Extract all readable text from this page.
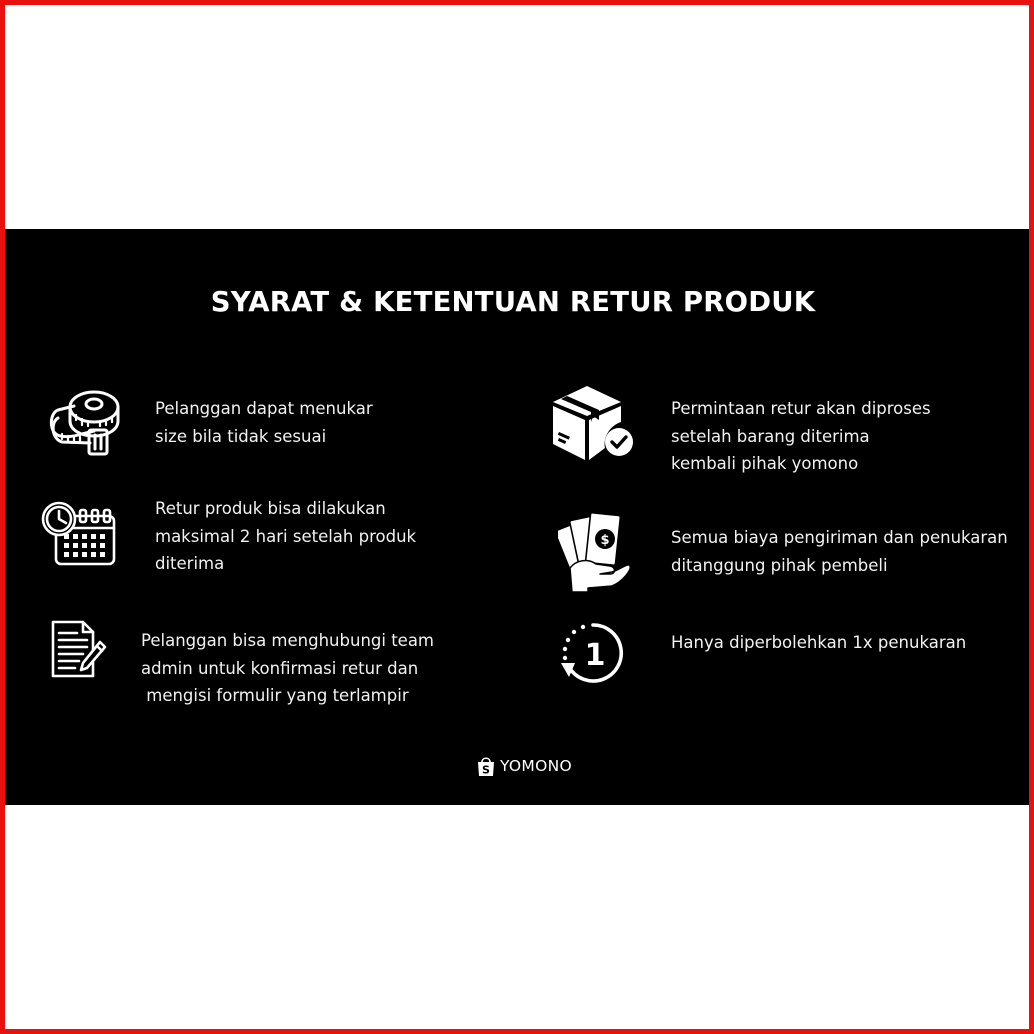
SYARAT & KETENTUAN RETUR PRODUK

Pelanggan dapat menukar
size bila tidak sesuai

Retur produk bisa dilakukan
maksimal 2 hari setelah produk
diterima

Pelanggan bisa menghubungi team
admin untuk konfirmasi retur dan
mengisi formulir yang terlampir

Permintaan retur akan diproses
setelah barang diterima
kembali pihak yomono

$	Semua biaya pengiriman dan penukaran
ditanggung pihak pembeli

1	Hanya diperbolehkan 1x penukaran

S YOMONO
